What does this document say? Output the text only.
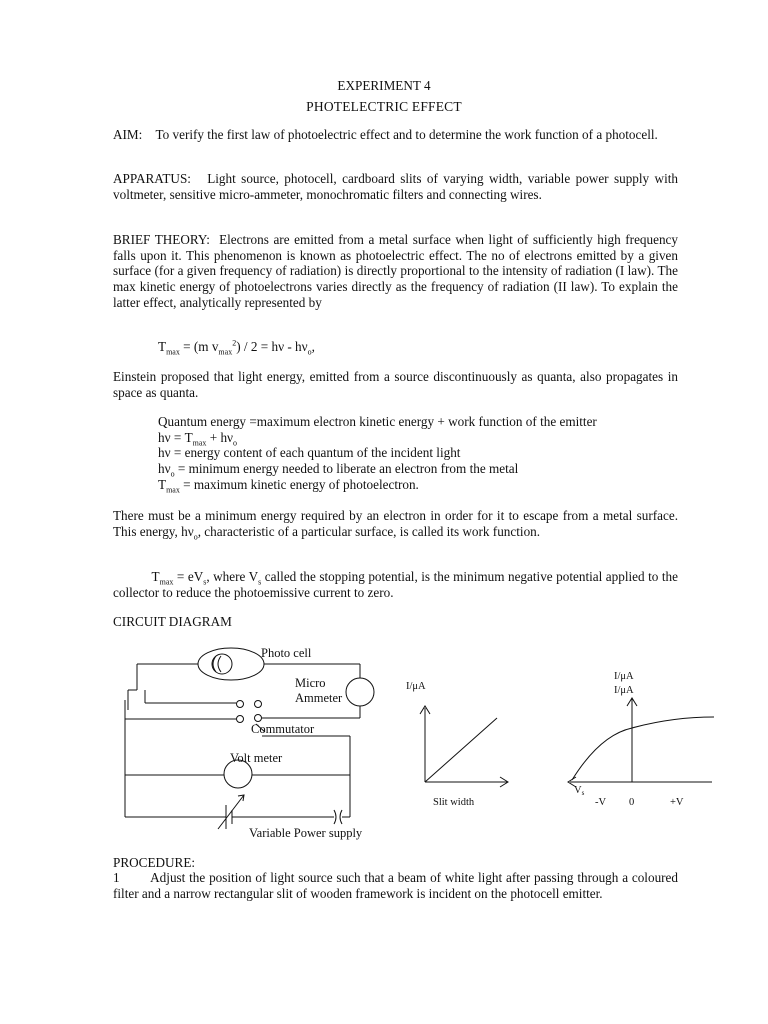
EXPERIMENT 4
PHOTELECTRIC EFFECT
AIM: To verify the first law of photoelectric effect and to determine the work function of a photocell.
APPARATUS: Light source, photocell, cardboard slits of varying width, variable power supply with voltmeter, sensitive micro-ammeter, monochromatic filters and connecting wires.
BRIEF THEORY: Electrons are emitted from a metal surface when light of sufficiently high frequency falls upon it. This phenomenon is known as photoelectric effect. The no of electrons emitted by a given surface (for a given frequency of radiation) is directly proportional to the intensity of radiation (I law). The max kinetic energy of photoelectrons varies directly as the frequency of radiation (II law). To explain the latter effect, analytically represented by
$T_{max} = (m$ $v_{max}^2) / 2 = h\nu - h\nu_o$,
Einstein proposed that light energy, emitted from a source discontinuously as quanta, also propagates in space as quanta.
Quantum energy =maximum electron kinetic energy + work function of the emitter
$h\nu = T_{max} + h\nu_o$
hν = energy content of each quantum of the incident light
$h\nu_o$ = minimum energy needed to liberate an electron from the metal
$T_{max}$ = maximum kinetic energy of photoelectron.
There must be a minimum energy required by an electron in order for it to escape from a metal surface. This energy, $h\nu_o$, characteristic of a particular surface, is called its work function.
$T_{max} = eV_s$, where $V_s$ called the stopping potential, is the minimum negative potential applied to the collector to reduce the photoemissive current to zero.
CIRCUIT DIAGRAM
Photo cell
Micro
Ammeter
Commutator
Volt meter
Variable Power supply
I/μA
Slit width
I/μA
I/μA
Vs
-V 0	+V
PROCEDURE:
1 Adjust the position of light source such that a beam of white light after passing through a coloured filter and a narrow rectangular slit of wooden framework is incident on the photocell emitter.
